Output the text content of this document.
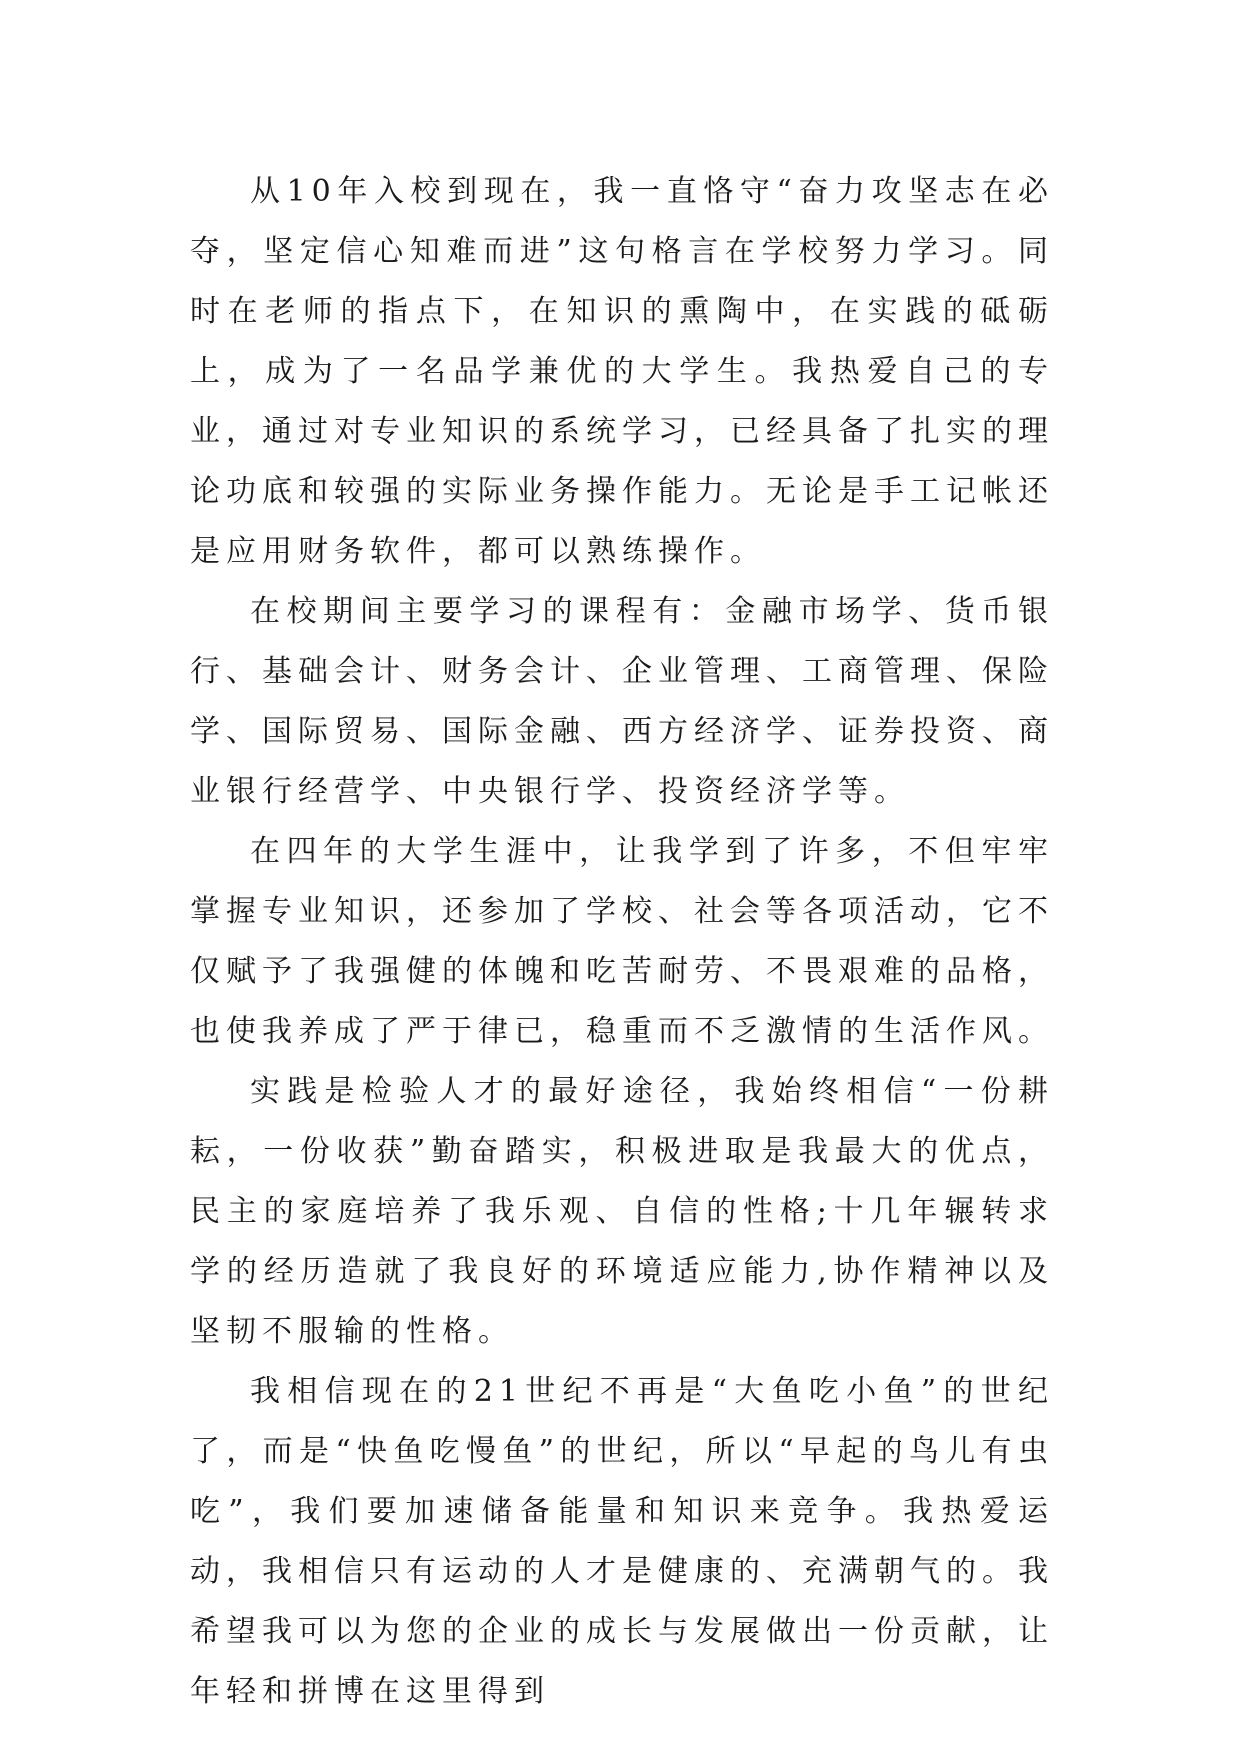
从10年入校到现在，我一直恪守“奋力攻坚志在必夺，坚定信心知难而进”这句格言在学校努力学习。同时在老师的指点下，在知识的熏陶中，在实践的砥砺上，成为了一名品学兼优的大学生。我热爱自己的专业，通过对专业知识的系统学习，已经具备了扎实的理论功底和较强的实际业务操作能力。无论是手工记帐还是应用财务软件，都可以熟练操作。

在校期间主要学习的课程有：金融市场学、货币银行、基础会计、财务会计、企业管理、工商管理、保险学、国际贸易、国际金融、西方经济学、证券投资、商业银行经营学、中央银行学、投资经济学等。

在四年的大学生涯中，让我学到了许多，不但牢牢掌握专业知识，还参加了学校、社会等各项活动，它不仅赋予了我强健的体魄和吃苦耐劳、不畏艰难的品格，也使我养成了严于律已，稳重而不乏激情的生活作风。

实践是检验人才的最好途径，我始终相信“一份耕耘，一份收获”勤奋踏实，积极进取是我最大的优点，民主的家庭培养了我乐观、自信的性格;十几年辗转求学的经历造就了我良好的环境适应能力,协作精神以及坚韧不服输的性格。

我相信现在的21世纪不再是“大鱼吃小鱼”的世纪了，而是“快鱼吃慢鱼”的世纪，所以“早起的鸟儿有虫吃”，我们要加速储备能量和知识来竞争。我热爱运动，我相信只有运动的人才是健康的、充满朝气的。我希望我可以为您的企业的成长与发展做出一份贡献，让年轻和拼博在这里得到
